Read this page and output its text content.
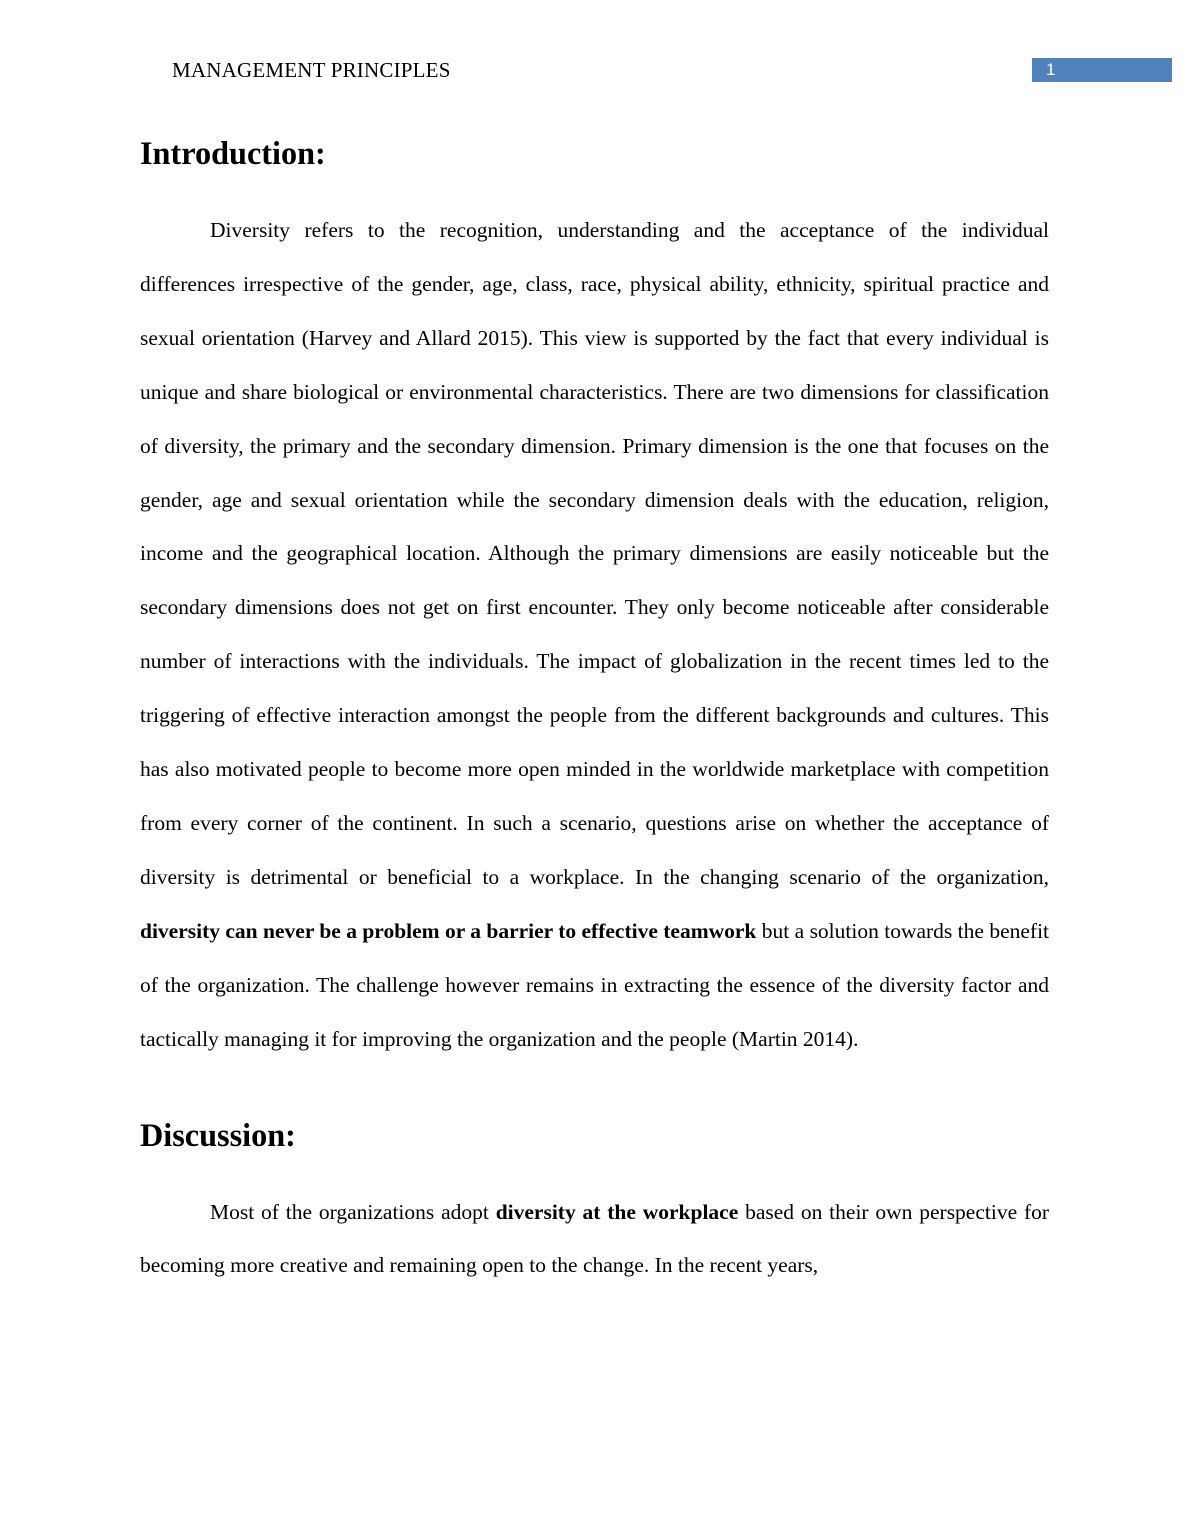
MANAGEMENT PRINCIPLES	1
Introduction:

Diversity refers to the recognition, understanding and the acceptance of the individual differences irrespective of the gender, age, class, race, physical ability, ethnicity, spiritual practice and sexual orientation (Harvey and Allard 2015). This view is supported by the fact that every individual is unique and share biological or environmental characteristics. There are two dimensions for classification of diversity, the primary and the secondary dimension. Primary dimension is the one that focuses on the gender, age and sexual orientation while the secondary dimension deals with the education, religion, income and the geographical location. Although the primary dimensions are easily noticeable but the secondary dimensions does not get on first encounter. They only become noticeable after considerable number of interactions with the individuals. The impact of globalization in the recent times led to the triggering of effective interaction amongst the people from the different backgrounds and cultures. This has also motivated people to become more open minded in the worldwide marketplace with competition from every corner of the continent. In such a scenario, questions arise on whether the acceptance of diversity is detrimental or beneficial to a workplace. In the changing scenario of the organization, diversity can never be a problem or a barrier to effective teamwork but a solution towards the benefit of the organization. The challenge however remains in extracting the essence of the diversity factor and tactically managing it for improving the organization and the people (Martin 2014).

Discussion:

Most of the organizations adopt diversity at the workplace based on their own perspective for becoming more creative and remaining open to the change. In the recent years,
